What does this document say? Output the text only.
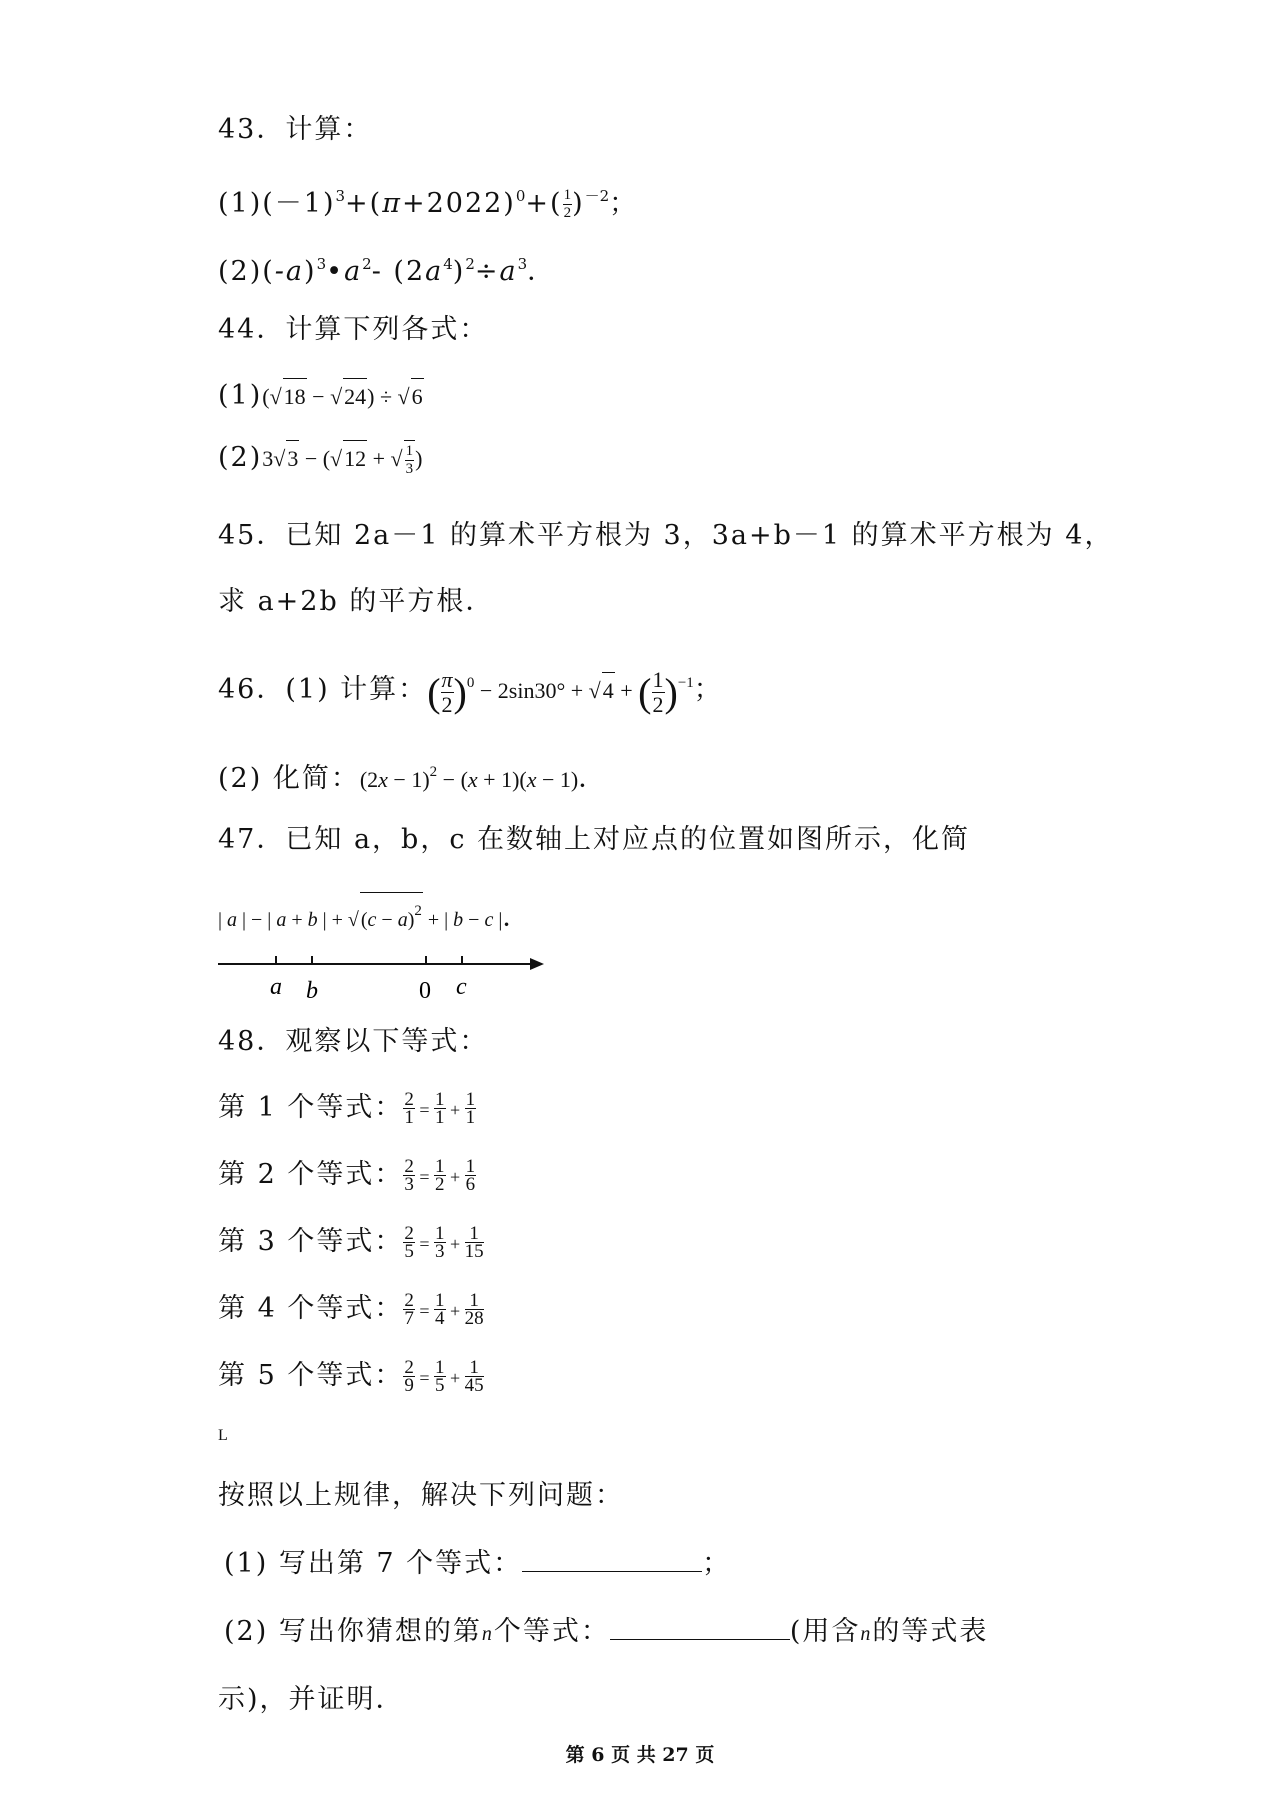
43．计算：
$(1)(-1)^3+(\pi+2022)^0+( \frac{1}{2} )^{-2}$；
$(2)(-a)^3•a^2-$ $(2a^4)^2\div a^3$．
44．计算下列各式：
(1)(√18 − √24) ÷ √6
(2)3√3 − (√12 + √ $\frac{1}{3}$ )
45．已知 2a－1 的算术平方根为 3，3a+b－1 的算术平方根为 4，
求 a+2b 的平方根．
46．(1) 计算：( $\frac{\pi}{2} )^0 - 2\sin 30^\circ + √4$ + ( $\frac{1}{2} )^{-1}$；
(2) 化简：$(2x - 1)^2 - (x + 1)(x - 1)$．
47．已知 a，b，c 在数轴上对应点的位置如图所示，化简
| a | − | a + b | + √ $(c - a)^2$ + | b − c |．
a b	0 c
48．观察以下等式：
第 1 个等式： $\frac{2}{1} = \frac{1}{1} + \frac{1}{1}$
第 2 个等式： $\frac{2}{3} = \frac{1}{2} + \frac{1}{6}$
第 3 个等式： $\frac{2}{5} = \frac{1}{3} + \frac{1}{15}$
第 4 个等式： $\frac{2}{7} = \frac{1}{4} + \frac{1}{28}$
第 5 个等式： $\frac{2}{9} = \frac{1}{5} + \frac{1}{45}$
L
按照以上规律，解决下列问题：
(1) 写出第 7 个等式：	；
(2) 写出你猜想的第n个等式：	(用含n的等式表
示)，并证明．
第 6 页 共 27 页
